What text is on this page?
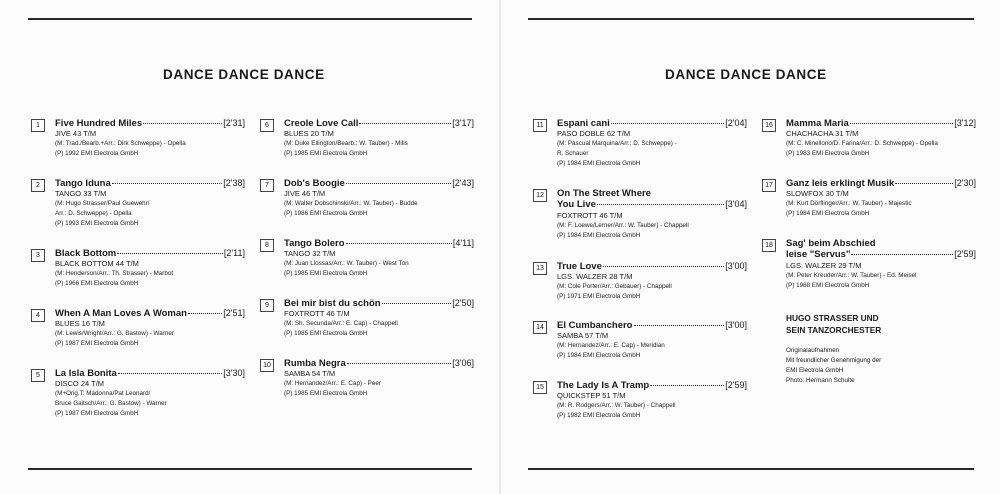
DANCE DANCE DANCE	DANCE DANCE DANCE
1	Five Hundred Miles	[2'31]
JIVE 43 T/M
(M: Trad./Bearb.+Arr.: Dirk Schweppe) - Opella
(P) 1992 EMI Electrola GmbH
2	Tango Iduna	[2'38]
TANGO 33 T/M
(M: Hugo Strasser/Paul Guewehr/
Arr.: D. Schweppe) - Opella
(P) 1993 EMI Electrola GmbH
3	Black Bottom	[2'11]
BLACK BOTTOM 44 T/M
(M: Henderson/Arr.: Th. Strasser) - Marbot
(P) 1966 EMI Electrola GmbH
4	When A Man Loves A Woman	[2'51]
BLUES 16 T/M
(M: Lewis/Wright/Arr.: G. Bastow) - Warner
(P) 1987 EMI Electrola GmbH
5	La Isla Bonita	[3'30]
DISCO 24 T/M
(M+Orig.T: Madonna/Pat Leonard/
Bruce Gaitsch/Arr.: G. Bastow) - Warner
(P) 1987 EMI Electrola GmbH
6	Creole Love Call	[3'17]
BLUES 20 T/M
(M: Duke Ellington/Bearb.: W. Tauber) - Mills
(P) 1985 EMI Electrola GmbH
7	Dob's Boogie	[2'43]
JIVE 46 T/M
(M: Walter Dobschinski/Arr.: W. Tauber) - Budde
(P) 1986 EMI Electrola GmbH
8	Tango Bolero	[4'11]
TANGO 32 T/M
(M: Juan Llossas/Arr.: W. Tauber) - West Ton
(P) 1985 EMI Electrola GmbH
9	Bei mir bist du schön	[2'50]
FOXTROTT 46 T/M
(M: Sh. Secunda/Arr.: E. Cap) - Chappell
(P) 1985 EMI Electrola GmbH
10	Rumba Negra	[3'06]
SAMBA 54 T/M
(M: Hernandez/Arr.: E. Cap) - Peer
(P) 1985 EMI Electrola GmbH
11	Espani cani	[2'04]
PASO DOBLE 62 T/M
(M: Pascual Marquina/Arr.: D. Schweppe) -
R. Schauer
(P) 1984 EMI Electrola GmbH
12	On The Street Where
You Live	[3'04]
FOXTROTT 46 T/M
(M: F. Loewe/Lerner/Arr.: W. Tauber) - Chappell
(P) 1984 EMI Electrola GmbH
13	True Love	[3'00]
LGS. WALZER 28 T/M
(M: Cole Porter/Arr.: Gebauer) - Chappell
(P) 1971 EMI Electrola GmbH
14	El Cumbanchero	[3'00]
SAMBA 57 T/M
(M: Hernandez/Arr.: E. Cap) - Meridian
(P) 1984 EMI Electrola GmbH
15	The Lady Is A Tramp	[2'59]
QUICKSTEP 51 T/M
(M: R. Rodgers/Arr.: W. Tauber) - Chappell
(P) 1982 EMI Electrola GmbH
16	Mamma Maria	[3'12]
CHACHACHA 31 T/M
(M: C. Minellono/D. Farina/Arr.: D. Schweppe) - Opella
(P) 1983 EMI Electrola GmbH
17	Ganz leis erklingt Musik	[2'30]
SLOWFOX 30 T/M
(M: Kurt Dörflinger/Arr.: W. Tauber) - Majestic
(P) 1984 EMI Electrola GmbH
18	Sag' beim Abschied
leise "Servus"	[2'59]
LGS. WALZER 29 T/M
(M: Peter Kreuder/Arr.: W. Tauber) - Ed. Meisel
(P) 1988 EMI Electrola GmbH
HUGO STRASSER UND
SEIN TANZORCHESTER
Originalaufnahmen
Mit freundlicher Genehmigung der
EMI Electrola GmbH
Photo: Hermann Schulte
